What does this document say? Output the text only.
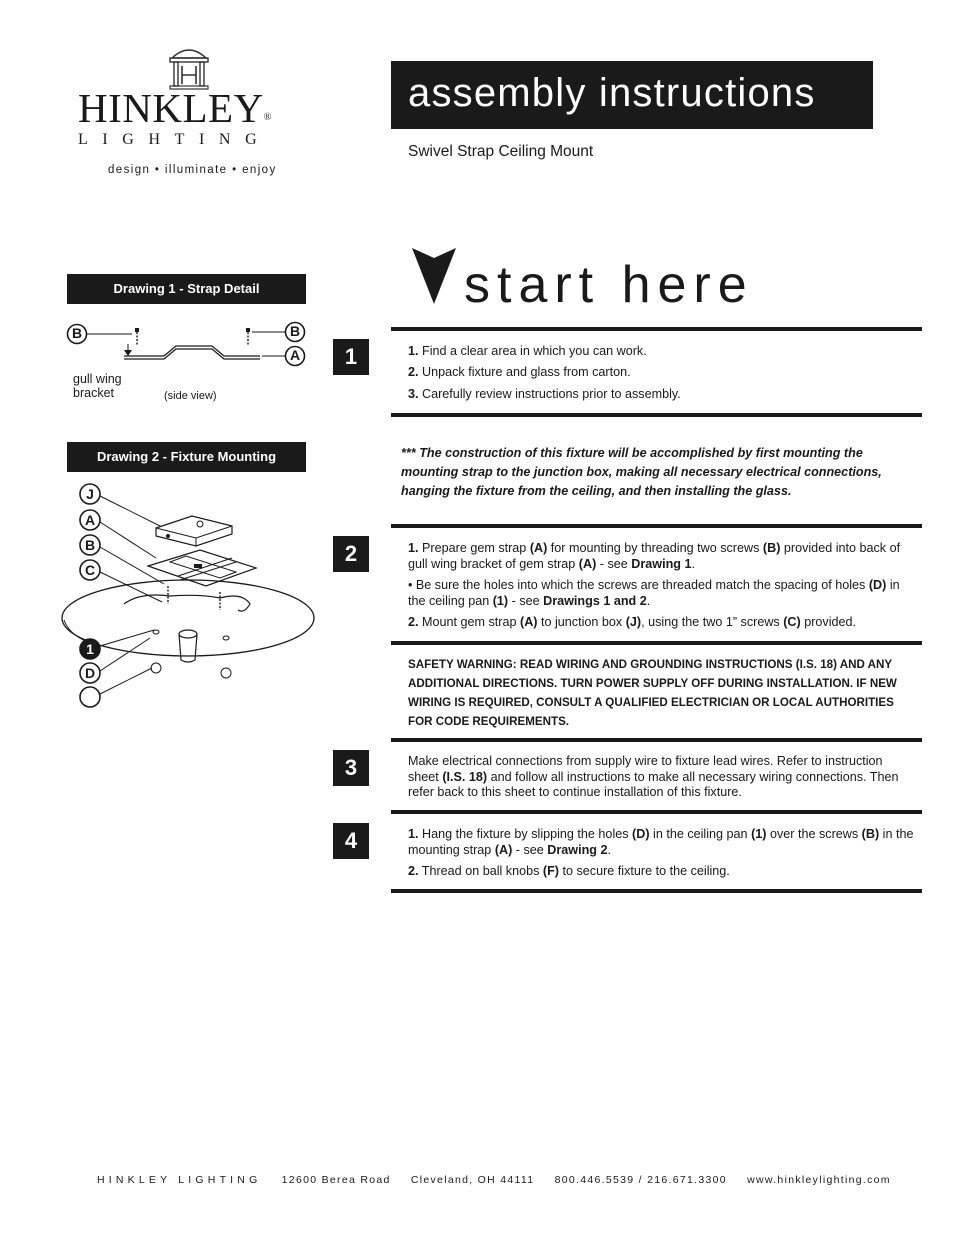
HINKLEY®
LIGHTING
design • illuminate • enjoy
assembly instructions
Swivel Strap Ceiling Mount
start here
Drawing 1 - Strap Detail
B	B
A
gull wing
bracket	(side view)
Drawing 2 - Fixture Mounting
J
A
B
C
1
D
1	1. Find a clear area in which you can work.
2. Unpack fixture and glass from carton.
3. Carefully review instructions prior to assembly.
*** The construction of this fixture will be accomplished by first mounting the mounting strap to the junction box, making all necessary electrical connections, hanging the fixture from the ceiling, and then installing the glass.
2	1. Prepare gem strap (A) for mounting by threading two screws (B) provided into back of gull wing bracket of gem strap (A) - see Drawing 1.
• Be sure the holes into which the screws are threaded match the spacing of holes (D) in the ceiling pan (1) - see Drawings 1 and 2.
2. Mount gem strap (A) to junction box (J), using the two 1” screws (C) provided.
SAFETY WARNING: READ WIRING AND GROUNDING INSTRUCTIONS (I.S. 18) AND ANY ADDITIONAL DIRECTIONS. TURN POWER SUPPLY OFF DURING INSTALLATION. IF NEW WIRING IS REQUIRED, CONSULT A QUALIFIED ELECTRICIAN OR LOCAL AUTHORITIES FOR CODE REQUIREMENTS.
3	Make electrical connections from supply wire to fixture lead wires. Refer to instruction sheet (I.S. 18) and follow all instructions to make all necessary wiring connections. Then refer back to this sheet to continue installation of this fixture.
4	1. Hang the fixture by slipping the holes (D) in the ceiling pan (1) over the screws (B) in the mounting strap (A) - see Drawing 2.
2. Thread on ball knobs (F) to secure fixture to the ceiling.
HINKLEY LIGHTING 12600 Berea Road Cleveland, OH 44111 800.446.5539 / 216.671.3300 www.hinkleylighting.com
